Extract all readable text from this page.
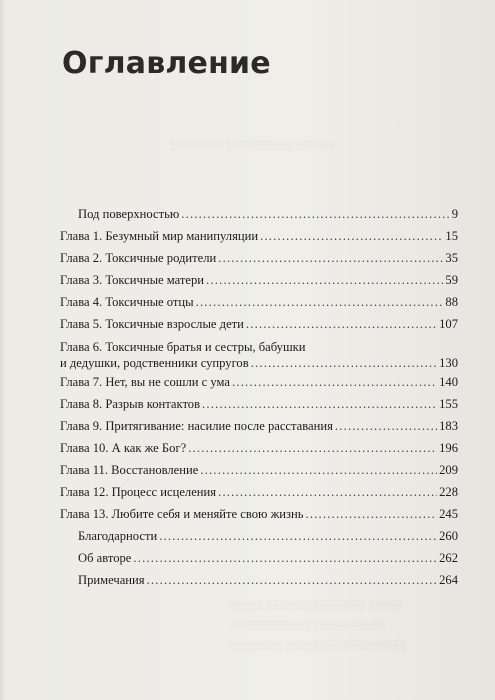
▒▒▒▒▒▒▒▒ ▒▒▒▒▒▒▒▒▒▒ ▒▒▒▒▒▒
▒▒▒▒▒ ▒▒▒▒▒▒▒▒▒▒▒▒▒▒▒ ▒▒▒▒▒
▒▒▒▒▒▒▒▒▒▒▒▒ ▒▒▒▒▒▒▒▒▒▒▒
▒▒▒▒▒▒▒▒ ▒▒▒▒▒▒▒▒▒▒▒▒▒▒▒▒▒▒
Оглавление
Под поверхностью .....	9
Глава 1. Безумный мир манипуляции .....	15
Глава 2. Токсичные родители .....	35
Глава 3. Токсичные матери .....	59
Глава 4. Токсичные отцы .....	88
Глава 5. Токсичные взрослые дети .....	107
Глава 6. Токсичные братья и сестры, бабушки
и дедушки, родственники супругов .....	130
Глава 7. Нет, вы не сошли с ума .....	140
Глава 8. Разрыв контактов .....	155
Глава 9. Притягивание: насилие после расставания .....	183
Глава 10. А как же Бог? .....	196
Глава 11. Восстановление .....	209
Глава 12. Процесс исцеления .....	228
Глава 13. Любите себя и меняйте свою жизнь .....	245
Благодарности .....	260
Об авторе .....	262
Примечания .....	264
